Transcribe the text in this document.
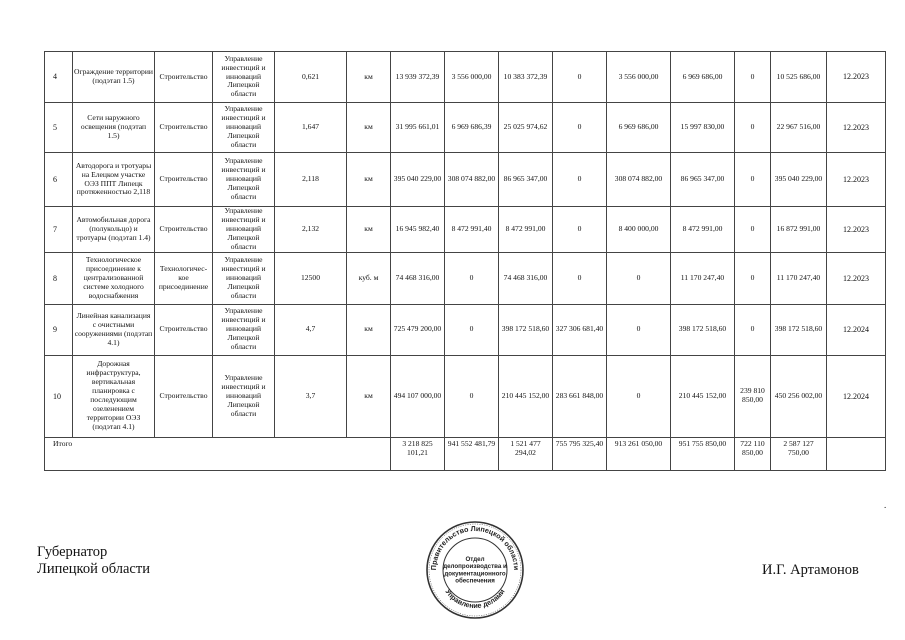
4	Ограждение территории (подэтап 1.5)	Строительство	Управление инвестиций и инноваций Липецкой области	0,621	км	13 939 372,39	3 556 000,00	10 383 372,39	0	3 556 000,00	6 969 686,00	0	10 525 686,00	12.2023
5	Сети наружного освещения (подэтап 1.5)	Строительство	Управление инвестиций и инноваций Липецкой области	1,647	км	31 995 661,01	6 969 686,39	25 025 974,62	0	6 969 686,00	15 997 830,00	0	22 967 516,00	12.2023
6	Автодорога и тротуары на Елецком участке ОЭЗ ППТ Липецк протяженностью 2,118	Строительство	Управление инвестиций и инноваций Липецкой области	2,118	км	395 040 229,00	308 074 882,00	86 965 347,00	0	308 074 882,00	86 965 347,00	0	395 040 229,00	12.2023
7	Автомобильная дорога (полукольцо) и тротуары (подэтап 1.4)	Строительство	Управление инвестиций и инноваций Липецкой области	2,132	км	16 945 982,40	8 472 991,40	8 472 991,00	0	8 400 000,00	8 472 991,00	0	16 872 991,00	12.2023
8	Технологическое присоединение к централизованной системе холодного водоснабжения	Технологичес-кое присоединение	Управление инвестиций и инноваций Липецкой области	12500	куб. м	74 468 316,00	0	74 468 316,00	0	0	11 170 247,40	0	11 170 247,40	12.2023
9	Линейная канализация с очистными сооружениями (подэтап 4.1)	Строительство	Управление инвестиций и инноваций Липецкой области	4,7	км	725 479 200,00	0	398 172 518,60	327 306 681,40	0	398 172 518,60	0	398 172 518,60	12.2024
10	Дорожная инфраструктура, вертикальная планировка с последующим озеленением территории ОЭЗ (подэтап 4.1)	Строительство	Управление инвестиций и инноваций Липецкой области	3,7	км	494 107 000,00	0	210 445 152,00	283 661 848,00	0	210 445 152,00	239 810 850,00	450 256 002,00	12.2024
Итого						3 218 825 101,21	941 552 481,79	1 521 477 294,02	755 795 325,40	913 261 050,00	951 755 850,00	722 110 850,00	2 587 127 750,00	
.
Губернатор
Липецкой области	И.Г. Артамонов
Правительство Липецкой области
Управление делами
Отдел
делопроизводства и
документационного
обеспечения
